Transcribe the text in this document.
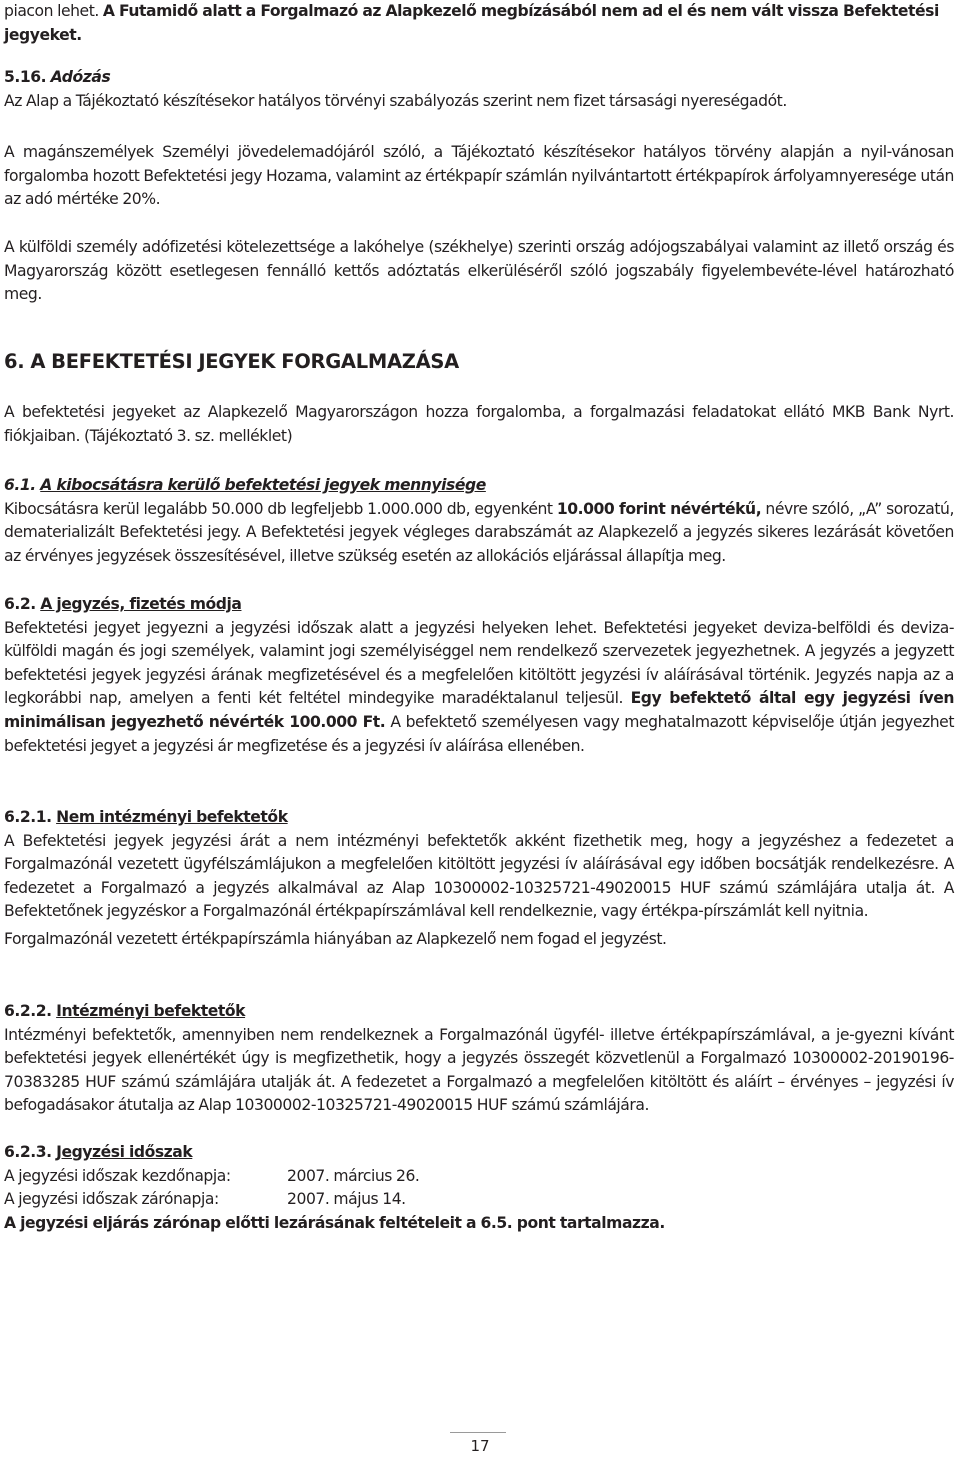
piacon lehet. A Futamidő alatt a Forgalmazó az Alapkezelő megbízásából nem ad el és nem vált vissza Befektetési

jegyeket.

5.16. Adózás

Az Alap a Tájékoztató készítésekor hatályos törvényi szabályozás szerint nem fizet társasági nyereségadót.

A magánszemélyek Személyi jövedelemadójáról szóló, a Tájékoztató készítésekor hatályos törvény alapján a nyil-vánosan forgalomba hozott Befektetési jegy Hozama, valamint az értékpapír számlán nyilvántartott értékpapírok árfolyamnyeresége után az adó mértéke 20%.

A külföldi személy adófizetési kötelezettsége a lakóhelye (székhelye) szerinti ország adójogszabályai valamint az illető ország és Magyarország között esetlegesen fennálló kettős adóztatás elkerüléséről szóló jogszabály figyelembevéte-lével határozható meg.

6. A BEFEKTETÉSI JEGYEK FORGALMAZÁSA

A befektetési jegyeket az Alapkezelő Magyarországon hozza forgalomba, a forgalmazási feladatokat ellátó MKB Bank Nyrt. fiókjaiban. (Tájékoztató 3. sz. melléklet)

6.1. A kibocsátásra kerülő befektetési jegyek mennyisége

Kibocsátásra kerül legalább 50.000 db legfeljebb 1.000.000 db, egyenként 10.000 forint névértékű, névre szóló, „A” sorozatú, dematerializált Befektetési jegy. A Befektetési jegyek végleges darabszámát az Alapkezelő a jegyzés sikeres lezárását követően az érvényes jegyzések összesítésével, illetve szükség esetén az allokációs eljárással állapítja meg.

6.2. A jegyzés, fizetés módja

Befektetési jegyet jegyezni a jegyzési időszak alatt a jegyzési helyeken lehet. Befektetési jegyeket deviza-belföldi és deviza-külföldi magán és jogi személyek, valamint jogi személyiséggel nem rendelkező szervezetek jegyezhetnek. A jegyzés a jegyzett befektetési jegyek jegyzési árának megfizetésével és a megfelelően kitöltött jegyzési ív aláírásával történik. Jegyzés napja az a legkorábbi nap, amelyen a fenti két feltétel mindegyike maradéktalanul teljesül. Egy befektető által egy jegyzési íven minimálisan jegyezhető névérték 100.000 Ft. A befektető személyesen vagy meghatalmazott képviselője útján jegyezhet befektetési jegyet a jegyzési ár megfizetése és a jegyzési ív aláírása ellenében.

6.2.1. Nem intézményi befektetők

A Befektetési jegyek jegyzési árát a nem intézményi befektetők akként fizethetik meg, hogy a jegyzéshez a fedezetet a Forgalmazónál vezetett ügyfélszámlájukon a megfelelően kitöltött jegyzési ív aláírásával egy időben bocsátják rendelkezésre. A fedezetet a Forgalmazó a jegyzés alkalmával az Alap 10300002-10325721-49020015 HUF számú számlájára utalja át. A Befektetőnek jegyzéskor a Forgalmazónál értékpapírszámlával kell rendelkeznie, vagy értékpa-pírszámlát kell nyitnia.

Forgalmazónál vezetett értékpapírszámla hiányában az Alapkezelő nem fogad el jegyzést.

6.2.2. Intézményi befektetők

Intézményi befektetők, amennyiben nem rendelkeznek a Forgalmazónál ügyfél- illetve értékpapírszámlával, a je-gyezni kívánt befektetési jegyek ellenértékét úgy is megfizethetik, hogy a jegyzés összegét közvetlenül a Forgalmazó 10300002-20190196-70383285 HUF számú számlájára utalják át. A fedezetet a Forgalmazó a megfelelően kitöltött és aláírt – érvényes – jegyzési ív befogadásakor átutalja az Alap 10300002-10325721-49020015 HUF számú számlájára.

6.2.3. Jegyzési időszak

A jegyzési időszak kezdőnapja:	2007. március 26.
A jegyzési időszak zárónapja:	2007. május 14.

A jegyzési eljárás zárónap előtti lezárásának feltételeit a 6.5. pont tartalmazza.

17
